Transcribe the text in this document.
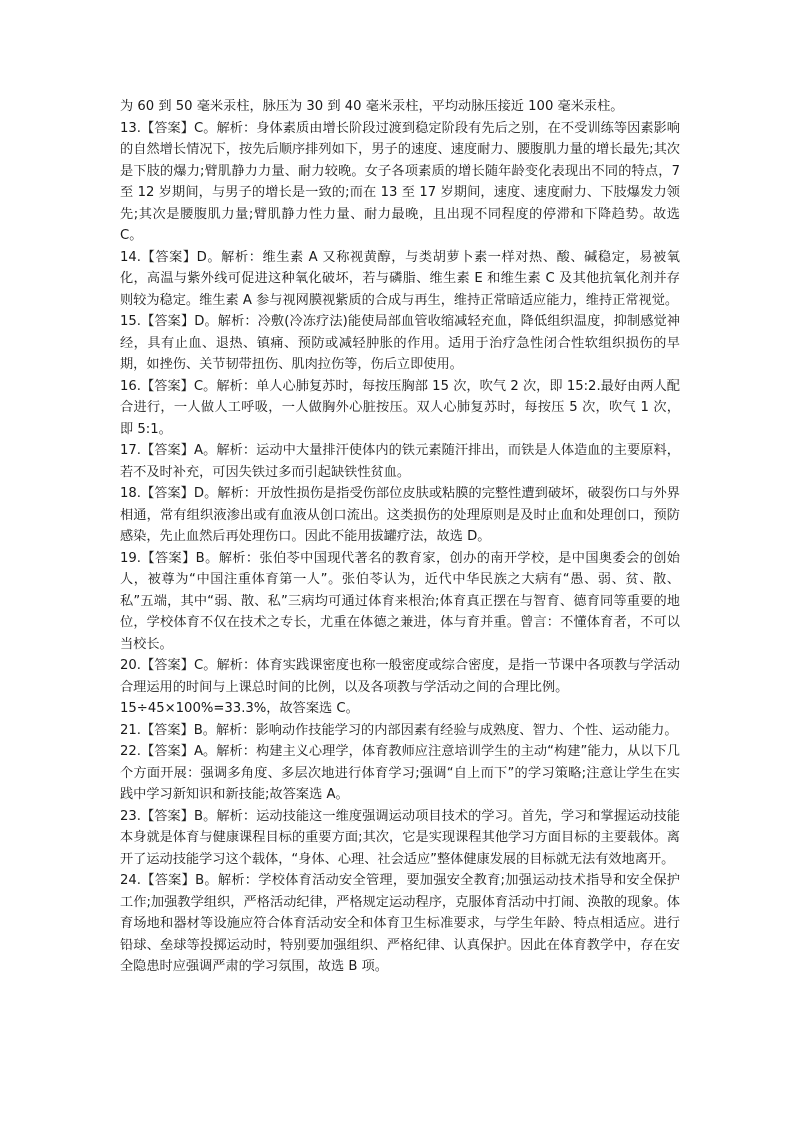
为 60 到 50 毫米汞柱，脉压为 30 到 40 毫米汞柱，平均动脉压接近 100 毫米汞柱。

13.【答案】C。解析：身体素质由增长阶段过渡到稳定阶段有先后之别，在不受训练等因素影响的自然增长情况下，按先后顺序排列如下，男子的速度、速度耐力、腰腹肌力量的增长最先;其次是下肢的爆力;臂肌静力力量、耐力较晚。女子各项素质的增长随年龄变化表现出不同的特点，7 至 12 岁期间，与男子的增长是一致的;而在 13 至 17 岁期间，速度、速度耐力、下肢爆发力领先;其次是腰腹肌力量;臂肌静力性力量、耐力最晚，且出现不同程度的停滞和下降趋势。故选 C。

14.【答案】D。解析：维生素 A 又称视黄醇，与类胡萝卜素一样对热、酸、碱稳定，易被氧化，高温与紫外线可促进这种氧化破坏，若与磷脂、维生素 E 和维生素 C 及其他抗氧化剂并存则较为稳定。维生素 A 参与视网膜视紫质的合成与再生，维持正常暗适应能力，维持正常视觉。

15.【答案】D。解析：冷敷(冷冻疗法)能使局部血管收缩减轻充血，降低组织温度，抑制感觉神经，具有止血、退热、镇痛、预防或减轻肿胀的作用。适用于治疗急性闭合性软组织损伤的早期，如挫伤、关节韧带扭伤、肌肉拉伤等，伤后立即使用。

16.【答案】C。解析：单人心肺复苏时，每按压胸部 15 次，吹气 2 次，即 15:2.最好由两人配合进行，一人做人工呼吸，一人做胸外心脏按压。双人心肺复苏时，每按压 5 次，吹气 1 次，即 5:1。

17.【答案】A。解析：运动中大量排汗使体内的铁元素随汗排出，而铁是人体造血的主要原料，若不及时补充，可因失铁过多而引起缺铁性贫血。

18.【答案】D。解析：开放性损伤是指受伤部位皮肤或粘膜的完整性遭到破坏，破裂伤口与外界相通，常有组织液渗出或有血液从创口流出。这类损伤的处理原则是及时止血和处理创口，预防感染，先止血然后再处理伤口。因此不能用拔罐疗法，故选 D。

19.【答案】B。解析：张伯苓中国现代著名的教育家，创办的南开学校，是中国奥委会的创始人，被尊为“中国注重体育第一人”。张伯苓认为，近代中华民族之大病有“愚、弱、贫、散、私”五端，其中“弱、散、私”三病均可通过体育来根治;体育真正摆在与智育、德育同等重要的地位，学校体育不仅在技术之专长，尤重在体德之兼进，体与育并重。曾言：不懂体育者，不可以当校长。

20.【答案】C。解析：体育实践课密度也称一般密度或综合密度，是指一节课中各项教与学活动合理运用的时间与上课总时间的比例，以及各项教与学活动之间的合理比例。

15÷45×100%=33.3%，故答案选 C。

21.【答案】B。解析：影响动作技能学习的内部因素有经验与成熟度、智力、个性、运动能力。

22.【答案】A。解析：构建主义心理学，体育教师应注意培训学生的主动“构建”能力，从以下几个方面开展：强调多角度、多层次地进行体育学习;强调“自上而下”的学习策略;注意让学生在实践中学习新知识和新技能;故答案选 A。

23.【答案】B。解析：运动技能这一维度强调运动项目技术的学习。首先，学习和掌握运动技能本身就是体育与健康课程目标的重要方面;其次，它是实现课程其他学习方面目标的主要载体。离开了运动技能学习这个载体，“身体、心理、社会适应”整体健康发展的目标就无法有效地离开。

24.【答案】B。解析：学校体育活动安全管理，要加强安全教育;加强运动技术指导和安全保护工作;加强教学组织，严格活动纪律，严格规定运动程序，克服体育活动中打闹、涣散的现象。体育场地和器材等设施应符合体育活动安全和体育卫生标准要求，与学生年龄、特点相适应。进行铅球、垒球等投掷运动时，特别要加强组织、严格纪律、认真保护。因此在体育教学中，存在安全隐患时应强调严肃的学习氛围，故选 B 项。
